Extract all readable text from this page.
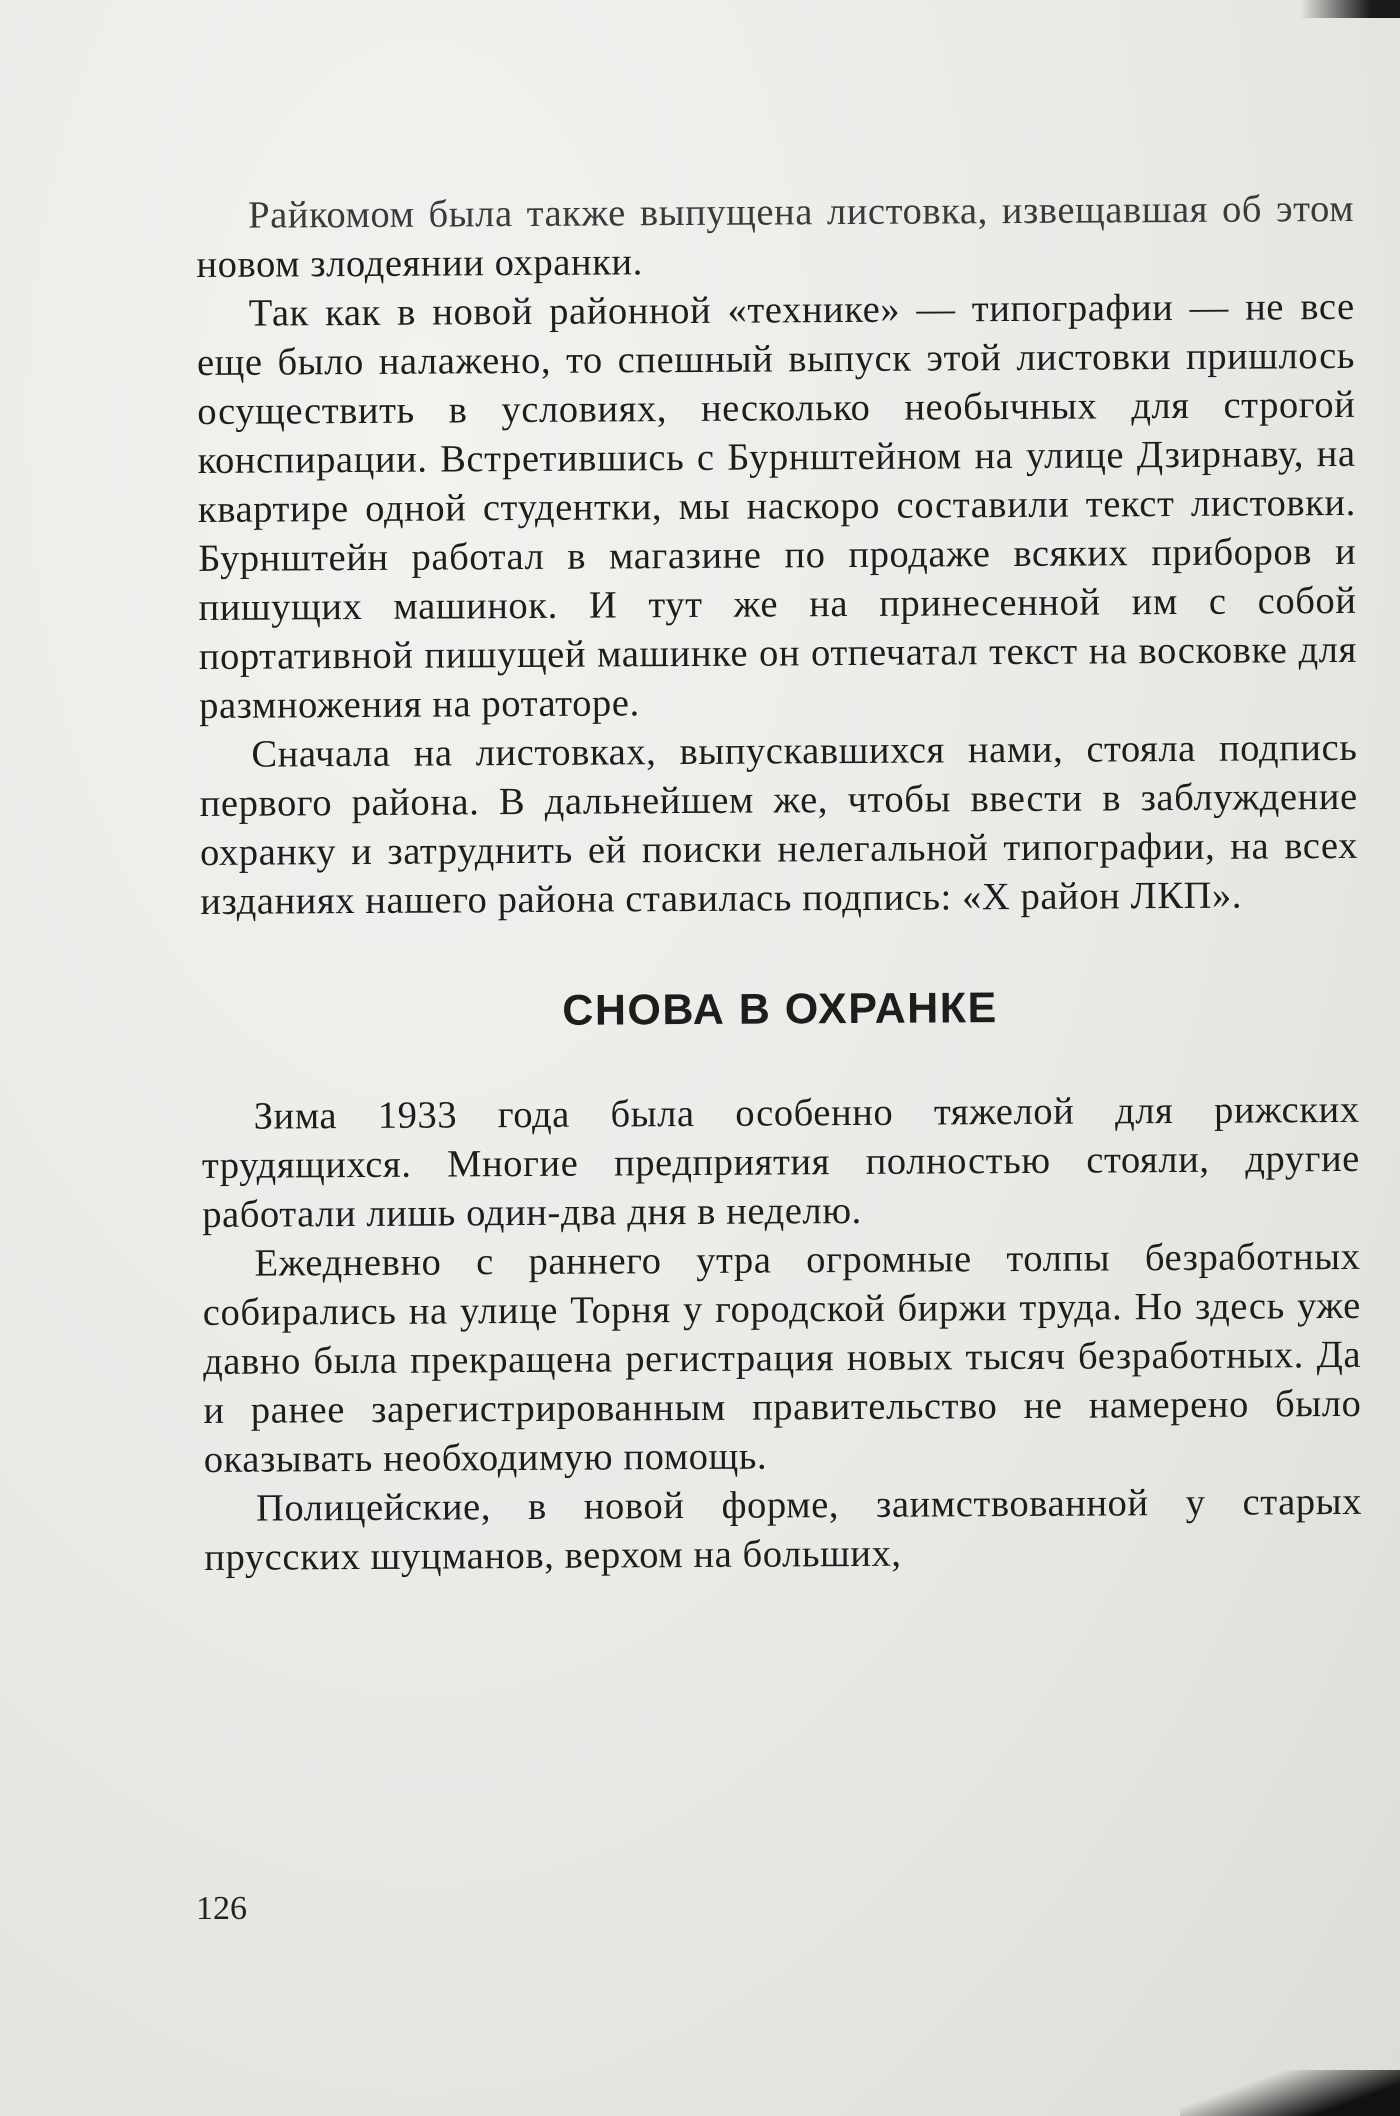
Райкомом была также выпущена листовка, извещавшая об этом новом злодеянии охранки.

Так как в новой районной «технике» — типографии — не все еще было налажено, то спешный выпуск этой листовки пришлось осуществить в условиях, несколько необычных для строгой конспирации. Встретившись с Бурнштейном на улице Дзирнаву, на квартире одной студентки, мы наскоро составили текст листовки. Бурнштейн работал в магазине по продаже всяких приборов и пишущих машинок. И тут же на принесенной им с собой портативной пишущей машинке он отпечатал текст на восковке для размножения на ротаторе.

Сначала на листовках, выпускавшихся нами, стояла подпись первого района. В дальнейшем же, чтобы ввести в заблуждение охранку и затруднить ей поиски нелегальной типографии, на всех изданиях нашего района ставилась подпись: «X район ЛКП».

СНОВА В ОХРАНКЕ

Зима 1933 года была особенно тяжелой для рижских трудящихся. Многие предприятия полностью стояли, другие работали лишь один-два дня в неделю.

Ежедневно с раннего утра огромные толпы безработных собирались на улице Торня у городской биржи труда. Но здесь уже давно была прекращена регистрация новых тысяч безработных. Да и ранее зарегистрированным правительство не намерено было оказывать необходимую помощь.

Полицейские, в новой форме, заимствованной у старых прусских шуцманов, верхом на больших,

126
